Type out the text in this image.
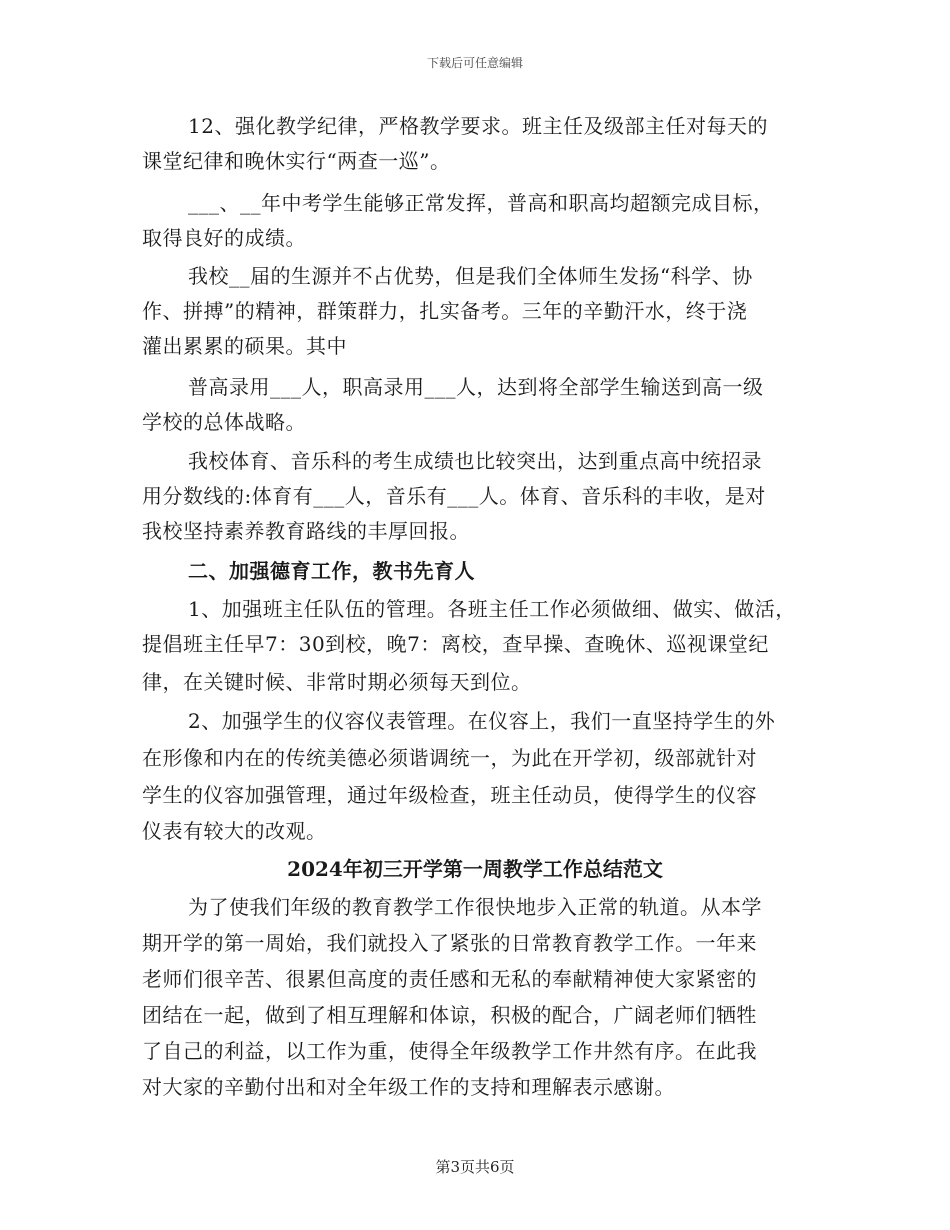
下载后可任意编辑
12、强化教学纪律，严格教学要求。班主任及级部主任对每天的
课堂纪律和晚休实行“两查一巡”。
___、__年中考学生能够正常发挥，普高和职高均超额完成目标，
取得良好的成绩。
我校__届的生源并不占优势，但是我们全体师生发扬“科学、协
作、拼搏”的精神，群策群力，扎实备考。三年的辛勤汗水，终于浇
灌出累累的硕果。其中
普高录用___人，职高录用___人，达到将全部学生输送到高一级
学校的总体战略。
我校体育、音乐科的考生成绩也比较突出，达到重点高中统招录
用分数线的:体育有___人，音乐有___人。体育、音乐科的丰收，是对
我校坚持素养教育路线的丰厚回报。
二、加强德育工作，教书先育人
1、加强班主任队伍的管理。各班主任工作必须做细、做实、做活，
提倡班主任早7：30到校，晚7：离校，查早操、查晚休、巡视课堂纪
律，在关键时候、非常时期必须每天到位。
2、加强学生的仪容仪表管理。在仪容上，我们一直坚持学生的外
在形像和内在的传统美德必须谐调统一，为此在开学初，级部就针对
学生的仪容加强管理，通过年级检查，班主任动员，使得学生的仪容
仪表有较大的改观。
2024年初三开学第一周教学工作总结范文
为了使我们年级的教育教学工作很快地步入正常的轨道。从本学
期开学的第一周始，我们就投入了紧张的日常教育教学工作。一年来
老师们很辛苦、很累但高度的责任感和无私的奉献精神使大家紧密的
团结在一起，做到了相互理解和体谅，积极的配合，广阔老师们牺牲
了自己的利益，以工作为重，使得全年级教学工作井然有序。在此我
对大家的辛勤付出和对全年级工作的支持和理解表示感谢。
第3页共6页
